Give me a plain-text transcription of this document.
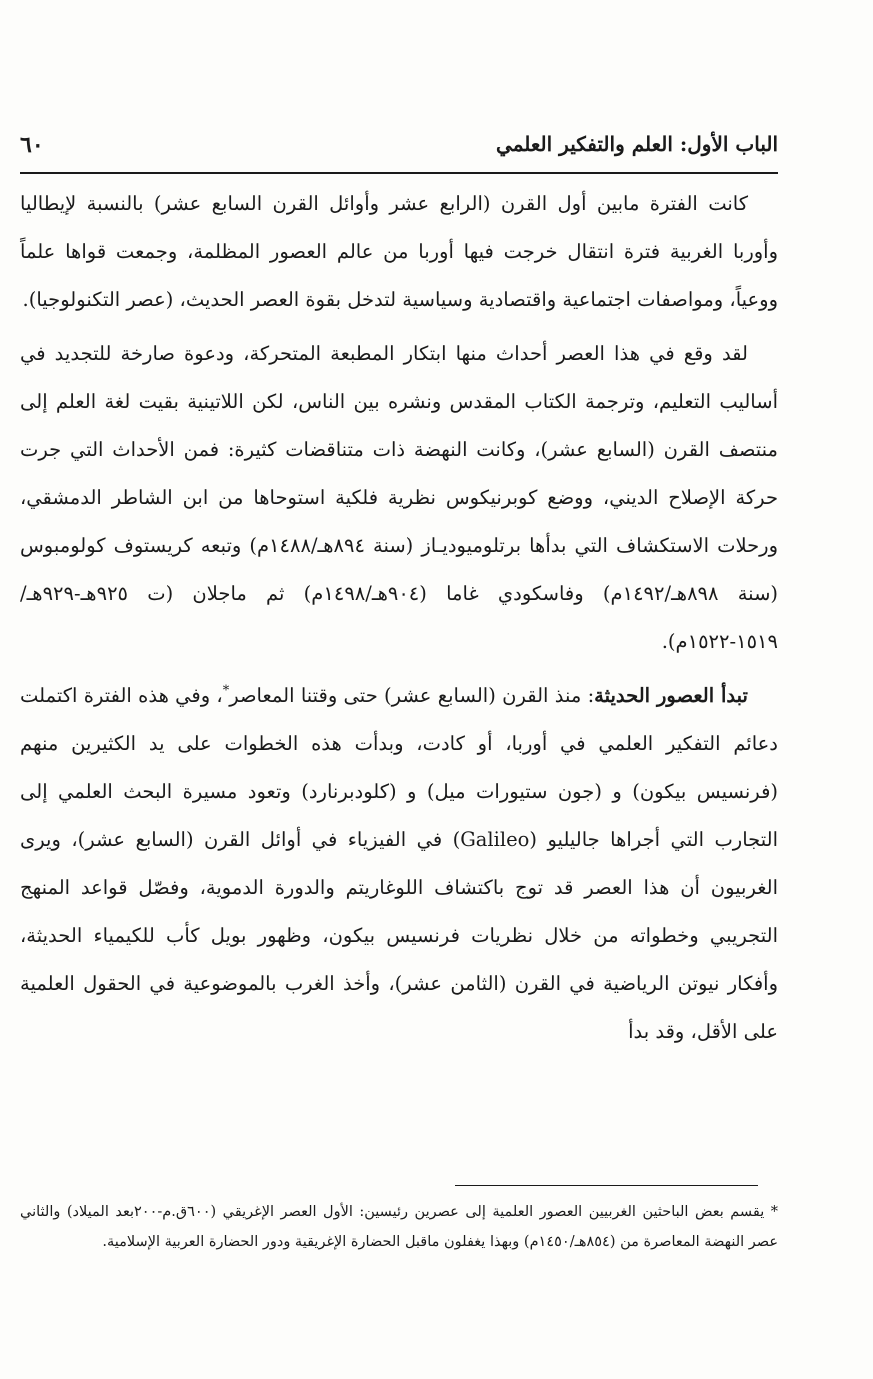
الباب الأول: العلم والتفكير العلمي
٦٠

كانت الفترة مابين أول القرن (الرابع عشر وأوائل القرن السابع عشر) بالنسبة لإيطاليا وأوربا الغربية فترة انتقال خرجت فيها أوربا من عالم العصور المظلمة، وجمعت قواها علماً ووعياً، ومواصفات اجتماعية واقتصادية وسياسية لتدخل بقوة العصر الحديث، (عصر التكنولوجيا).

لقد وقع في هذا العصر أحداث منها ابتكار المطبعة المتحركة، ودعوة صارخة للتجديد في أساليب التعليم، وترجمة الكتاب المقدس ونشره بين الناس، لكن اللاتينية بقيت لغة العلم إلى منتصف القرن (السابع عشر)، وكانت النهضة ذات متناقضات كثيرة: فمن الأحداث التي جرت حركة الإصلاح الديني، ووضع كوبرنيكوس نظرية فلكية استوحاها من ابن الشاطر الدمشقي، ورحلات الاستكشاف التي بدأها برتلوميوديـاز (سنة ٨٩٤هـ/١٤٨٨م) وتبعه كريستوف كولومبوس (سنة ٨٩٨هـ/١٤٩٢م) وفاسكودي غاما (٩٠٤هـ/١٤٩٨م) ثم ماجلان (ت ٩٢٥هـ-٩٢٩هـ/١٥١٩-١٥٢٢م).

تبدأ العصور الحديثة: منذ القرن (السابع عشر) حتى وقتنا المعاصر*، وفي هذه الفترة اكتملت دعائم التفكير العلمي في أوربا، أو كادت، وبدأت هذه الخطوات على يد الكثيرين منهم (فرنسيس بيكون) و (جون ستيورات ميل) و (كلودبرنارد) وتعود مسيرة البحث العلمي إلى التجارب التي أجراها جاليليو (Galileo) في الفيزياء في أوائل القرن (السابع عشر)، ويرى الغربيون أن هذا العصر قد توج باكتشاف اللوغاريتم والدورة الدموية، وفصّل قواعد المنهج التجريبي وخطواته من خلال نظريات فرنسيس بيكون، وظهور بويل كأب للكيمياء الحديثة، وأفكار نيوتن الرياضية في القرن (الثامن عشر)، وأخذ الغرب بالموضوعية في الحقول العلمية على الأقل، وقد بدأ

* يقسم بعض الباحثين الغربيين العصور العلمية إلى عصرين رئيسين: الأول العصر الإغريقي (٦٠٠ق.م-٢٠٠بعد الميلاد) والثاني عصر النهضة المعاصرة من (٨٥٤هـ/١٤٥٠م) وبهذا يغفلون ماقبل الحضارة الإغريقية ودور الحضارة العربية الإسلامية.
